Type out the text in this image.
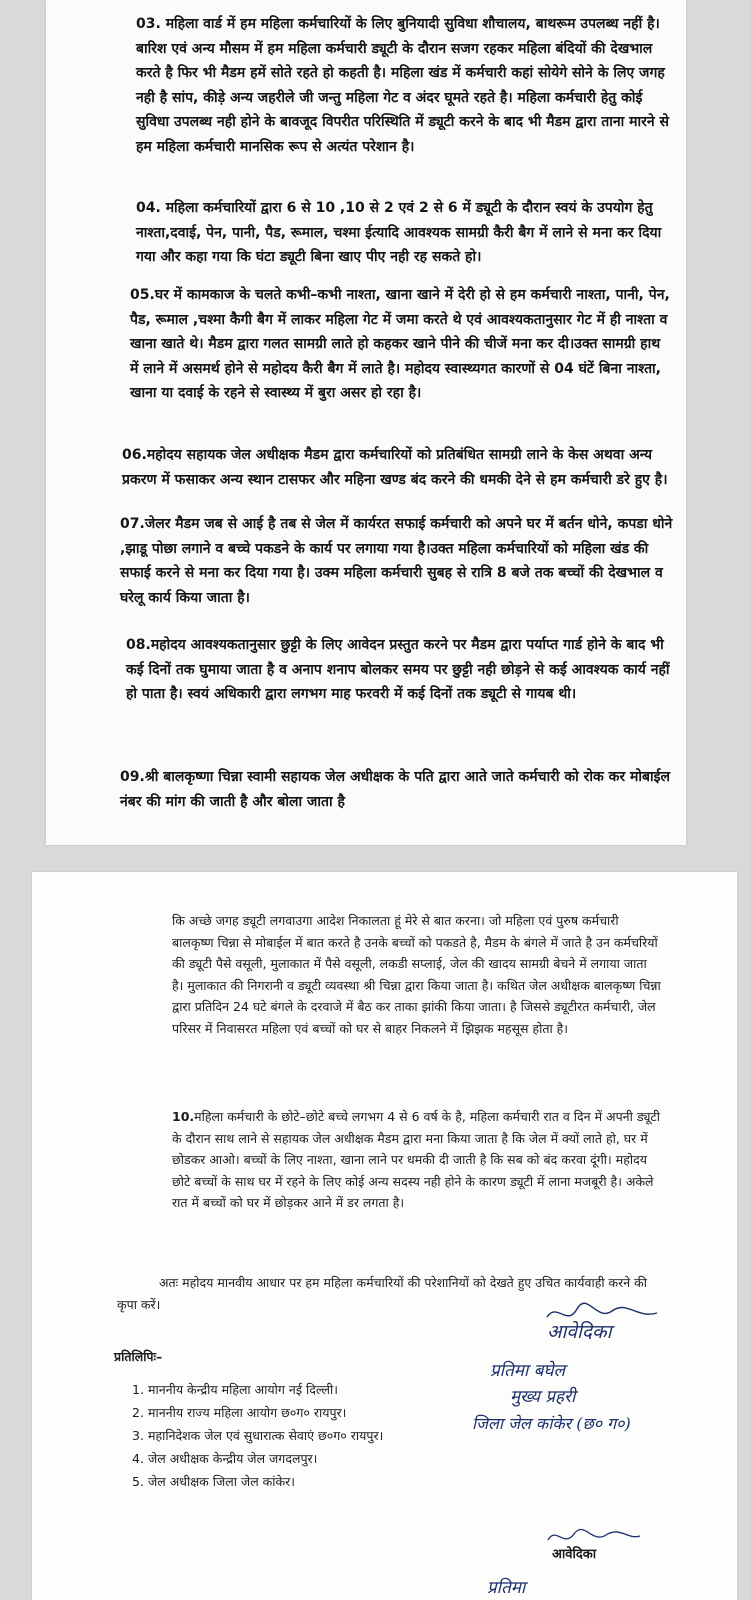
03. महिला वार्ड में हम महिला कर्मचारियों के लिए बुनियादी सुविधा शौचालय, बाथरूम उपलब्ध नहीं है। बारिश एवं अन्य मौसम में हम महिला कर्मचारी ड्यूटी के दौरान सजग रहकर महिला बंदियों की देखभाल करते है फिर भी मैडम हमें सोते रहते हो कहती है। महिला खंड में कर्मचारी कहां सोयेगे सोने के लिए जगह नही है सांप, कीड़े अन्य जहरीले जी जन्तु महिला गेट व अंदर घूमते रहते है। महिला कर्मचारी हेतु कोई सुविधा उपलब्ध नही होने के बावजूद विपरीत परिस्थिति में ड्यूटी करने के बाद भी मैडम द्वारा ताना मारने से हम महिला कर्मचारी मानसिक रूप से अत्यंत परेशान है।

04. महिला कर्मचारियों द्वारा 6 से 10 ,10 से 2 एवं 2 से 6 में ड्यूटी के दौरान स्वयं के उपयोग हेतु नाश्ता,दवाई, पेन, पानी, पैड, रूमाल, चश्मा ईत्यादि आवश्यक सामग्री कैरी बैग में लाने से मना कर दिया गया और कहा गया कि घंटा ड्यूटी बिना खाए पीए नही रह सकते हो।

05.घर में कामकाज के चलते कभी–कभी नाश्ता, खाना खाने में देरी हो से हम कर्मचारी नाश्ता, पानी, पेन, पैड, रूमाल ,चश्मा कैगी बैग में लाकर महिला गेट में जमा करते थे एवं आवश्यकतानुसार गेट में ही नाश्ता व खाना खाते थे। मैडम द्वारा गलत सामग्री लाते हो कहकर खाने पीने की चीजें मना कर दी।उक्त सामग्री हाथ में लाने में असमर्थ होने से महोदय कैरी बैग में लाते है। महोदय स्वास्थ्यगत कारणों से 04 घंटें बिना नाश्ता, खाना या दवाई के रहने से स्वास्थ्य में बुरा असर हो रहा है।

06.महोदय सहायक जेल अधीक्षक मैडम द्वारा कर्मचारियों को प्रतिबंधित सामग्री लाने के केस अथवा अन्य प्रकरण में फसाकर अन्य स्थान टासफर और महिना खण्ड बंद करने की धमकी देने से हम कर्मचारी डरे हुए है।

07.जेलर मैडम जब से आई है तब से जेल में कार्यरत सफाई कर्मचारी को अपने घर में बर्तन धोने, कपडा धोने ,झाडू पोछा लगाने व बच्चे पकडने के कार्य पर लगाया गया है।उक्त महिला कर्मचारियों को महिला खंड की सफाई करने से मना कर दिया गया है। उक्म महिला कर्मचारी सुबह से रात्रि 8 बजे तक बच्चों की देखभाल व घरेलू कार्य किया जाता है।

08.महोदय आवश्यकतानुसार छुट्टी के लिए आवेदन प्रस्तुत करने पर मैडम द्वारा पर्याप्त गार्ड होने के बाद भी कई दिनों तक घुमाया जाता है व अनाप शनाप बोलकर समय पर छुट्टी नही छोड़ने से कई आवश्यक कार्य नहीं हो पाता है। स्वयं अधिकारी द्वारा लगभग माह फरवरी में कई दिनों तक ड्यूटी से गायब थी।

09.श्री बालकृष्णा चिन्ना स्वामी सहायक जेल अधीक्षक के पति द्वारा आते जाते कर्मचारी को रोक कर मोबाईल नंबर की मांग की जाती है और बोला जाता है

कि अच्छे जगह ड्यूटी लगवाउगा आदेश निकालता हूं मेरे से बात करना। जो महिला एवं पुरुष कर्मचारी बालकृष्ण चिन्ना से मोबाईल में बात करते है उनके बच्चों को पकडते है, मैडम के बंगले में जाते है उन कर्मचरियों की ड्यूटी पैसे वसूली, मुलाकात में पैसे वसूली, लकडी सप्लाई, जेल की खादय सामग्री बेचने में लगाया जाता है। मुलाकात की निगरानी व ड्यूटी व्यवस्था श्री चिन्ना द्वारा किया जाता है। कथित जेल अधीक्षक बालकृष्ण चिन्ना द्वारा प्रतिदिन 24 घटे बंगले के दरवाजे में बैठ कर ताका झांकी किया जाता। है जिससे ड्यूटीरत कर्मचारी, जेल परिसर में निवासरत महिला एवं बच्चों को घर से बाहर निकलने में झिझक महसूस होता है।

10.महिला कर्मचारी के छोटे–छोटे बच्चे लगभग 4 से 6 वर्ष के है, महिला कर्मचारी रात व दिन में अपनी ड्यूटी के दौरान साथ लाने से सहायक जेल अधीक्षक मैडम द्वारा मना किया जाता है कि जेल में क्यों लाते हो, घर में छोडकर आओ। बच्चों के लिए नाश्ता, खाना लाने पर धमकी दी जाती है कि सब को बंद करवा दूंगी। महोदय छोटे बच्चों के साथ घर में रहने के लिए कोई अन्य सदस्य नही होने के कारण ड्यूटी में लाना मजबूरी है। अकेले रात में बच्चों को घर में छोड़कर आने में डर लगता है।

अतः महोदय मानवीय आधार पर हम महिला कर्मचारियों की परेशानियों को देखते हुए उचित कार्यवाही करने की कृपा करें।

आवेदिका
प्रतिलिपिः–
प्रतिमा बघेल
मुख्य प्रहरी
जिला जेल कांकेर (छ० ग०)
1. माननीय केन्द्रीय महिला आयोग नई दिल्ली।
2. माननीय राज्य महिला आयोग छ०ग० रायपुर।
3. महानिदेशक जेल एवं सुधारात्क सेवाएं छ०ग० रायपुर।
4. जेल अधीक्षक केन्द्रीय जेल जगदलपुर।
5. जेल अधीक्षक जिला जेल कांकेर।
आवेदिका
प्रतिमा
